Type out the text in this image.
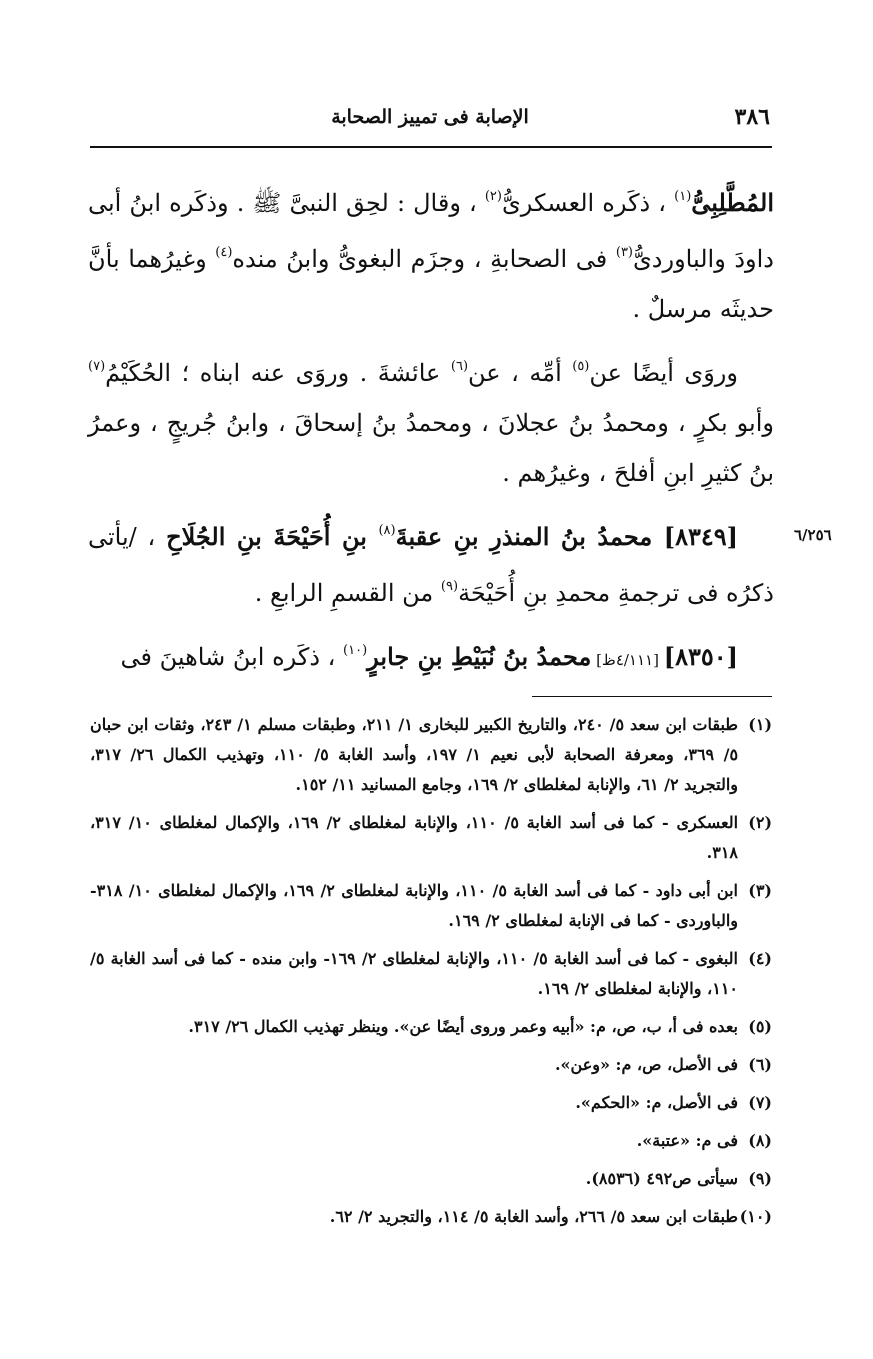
٣٨٦
الإصابة فى تمييز الصحابة
٦/٢٥٦

المُطَّلِبِىُّ$^{(١)}$ ، ذكَره العسكرىُّ$^{(٢)}$ ، وقال : لحِق النبىَّ ﷺ . وذكَره ابنُ أبى داودَ والباوردىُّ$^{(٣)}$ فى الصحابةِ ، وجزَم البغوىُّ وابنُ منده$^{(٤)}$ وغيرُهما بأنَّ حديثَه مرسلٌ .

وروَى أيضًا عن$^{(٥)}$ أمِّه ، عن$^{(٦)}$ عائشةَ . وروَى عنه ابناه ؛ الحُكَيْمُ$^{(٧)}$ وأبو بكرٍ ، ومحمدُ بنُ عجلانَ ، ومحمدُ بنُ إسحاقَ ، وابنُ جُريجٍ ، وعمرُ بنُ كثيرِ ابنِ أفلحَ ، وغيرُهم .

[٨٣٤٩] محمدُ بنُ المنذرِ بنِ عقبةَ$^{(٨)}$ بنِ أُحَيْحَةَ بنِ الجُلَاحِ ، /يأتى ذكرُه فى ترجمةِ محمدِ بنِ أُحَيْحَة$^{(٩)}$ من القسمِ الرابعِ .

[٨٣٥٠] [٤/١١١ظ] محمدُ بنُ نُبَيْطِ بنِ جابرٍ$^{(١٠)}$ ، ذكَره ابنُ شاهينَ فى

(١)طبقات ابن سعد ٥/ ٢٤٠، والتاريخ الكبير للبخارى ١/ ٢١١، وطبقات مسلم ١/ ٢٤٣، وثقات ابن حبان ٥/ ٣٦٩، ومعرفة الصحابة لأبى نعيم ١/ ١٩٧، وأسد الغابة ٥/ ١١٠، وتهذيب الكمال ٢٦/ ٣١٧، والتجريد ٢/ ٦١، والإنابة لمغلطاى ٢/ ١٦٩، وجامع المسانيد ١١/ ١٥٢.
(٢)العسكرى - كما فى أسد الغابة ٥/ ١١٠، والإنابة لمغلطاى ٢/ ١٦٩، والإكمال لمغلطاى ١٠/ ٣١٧، ٣١٨.
(٣)ابن أبى داود - كما فى أسد الغابة ٥/ ١١٠، والإنابة لمغلطاى ٢/ ١٦٩، والإكمال لمغلطاى ١٠/ ٣١٨- والباوردى - كما فى الإنابة لمغلطاى ٢/ ١٦٩.
(٤)البغوى - كما فى أسد الغابة ٥/ ١١٠، والإنابة لمغلطاى ٢/ ١٦٩- وابن منده - كما فى أسد الغابة ٥/ ١١٠، والإنابة لمغلطاى ٢/ ١٦٩.
(٥)بعده فى أ، ب، ص، م: «أبيه وعمر وروى أيضًا عن». وينظر تهذيب الكمال ٢٦/ ٣١٧.
(٦)فى الأصل، ص، م: «وعن».
(٧)فى الأصل، م: «الحكم».
(٨)فى م: «عتبة».
(٩)سيأتى ص٤٩٢ (٨٥٣٦).
(١٠)طبقات ابن سعد ٥/ ٢٦٦، وأسد الغابة ٥/ ١١٤، والتجريد ٢/ ٦٢.
